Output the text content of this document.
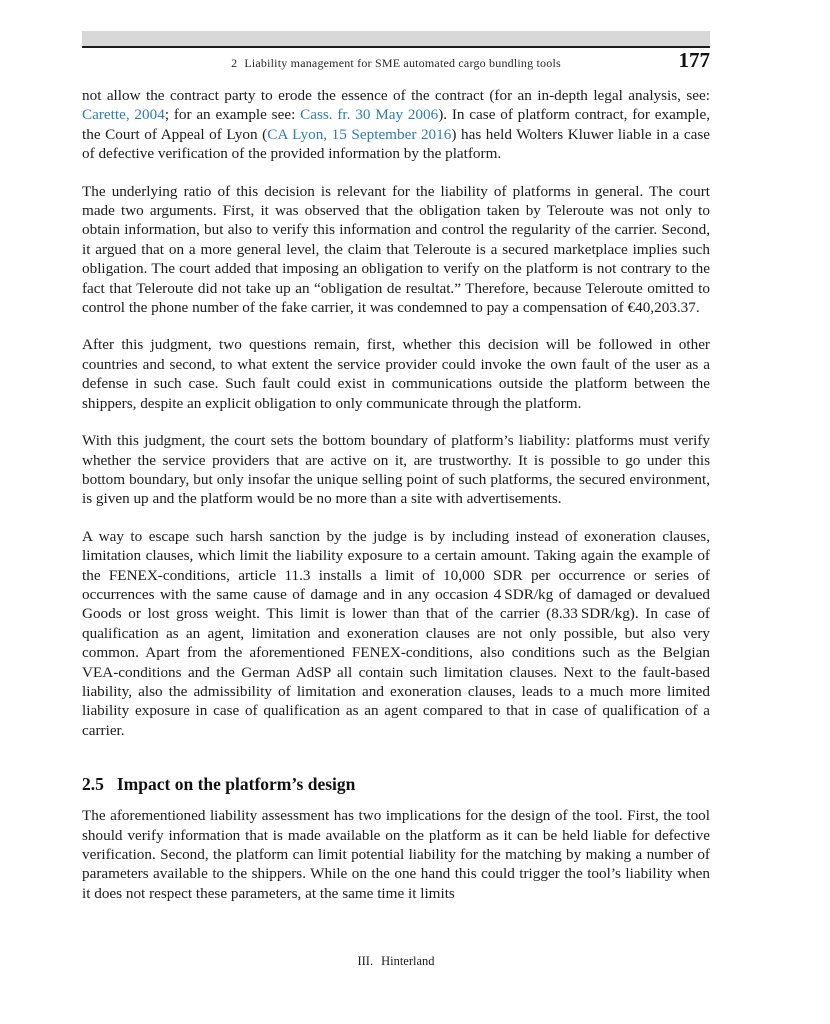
2 Liability management for SME automated cargo bundling tools	177

not allow the contract party to erode the essence of the contract (for an in-depth legal analysis, see: Carette, 2004; for an example see: Cass. fr. 30 May 2006). In case of platform contract, for example, the Court of Appeal of Lyon (CA Lyon, 15 September 2016) has held Wolters Kluwer liable in a case of defective verification of the provided information by the platform.

The underlying ratio of this decision is relevant for the liability of platforms in general. The court made two arguments. First, it was observed that the obligation taken by Teleroute was not only to obtain information, but also to verify this information and control the regularity of the carrier. Second, it argued that on a more general level, the claim that Teleroute is a secured marketplace implies such obligation. The court added that imposing an obligation to verify on the platform is not contrary to the fact that Teleroute did not take up an “obligation de resultat.” Therefore, because Teleroute omitted to control the phone number of the fake carrier, it was condemned to pay a compensation of €40,203.37.

After this judgment, two questions remain, first, whether this decision will be followed in other countries and second, to what extent the service provider could invoke the own fault of the user as a defense in such case. Such fault could exist in communications outside the platform between the shippers, despite an explicit obligation to only communicate through the platform.

With this judgment, the court sets the bottom boundary of platform’s liability: platforms must verify whether the service providers that are active on it, are trustworthy. It is possible to go under this bottom boundary, but only insofar the unique selling point of such platforms, the secured environment, is given up and the platform would be no more than a site with advertisements.

A way to escape such harsh sanction by the judge is by including instead of exoneration clauses, limitation clauses, which limit the liability exposure to a certain amount. Taking again the example of the FENEX-conditions, article 11.3 installs a limit of 10,000 SDR per occurrence or series of occurrences with the same cause of damage and in any occasion 4 SDR/kg of damaged or devalued Goods or lost gross weight. This limit is lower than that of the carrier (8.33 SDR/kg). In case of qualification as an agent, limitation and exoneration clauses are not only possible, but also very common. Apart from the aforementioned FENEX-conditions, also conditions such as the Belgian VEA-conditions and the German AdSP all contain such limitation clauses. Next to the fault-based liability, also the admissibility of limitation and exoneration clauses, leads to a much more limited liability exposure in case of qualification as an agent compared to that in case of qualification of a carrier.

2.5 Impact on the platform’s design

The aforementioned liability assessment has two implications for the design of the tool. First, the tool should verify information that is made available on the platform as it can be held liable for defective verification. Second, the platform can limit potential liability for the matching by making a number of parameters available to the shippers. While on the one hand this could trigger the tool’s liability when it does not respect these parameters, at the same time it limits

III. Hinterland
